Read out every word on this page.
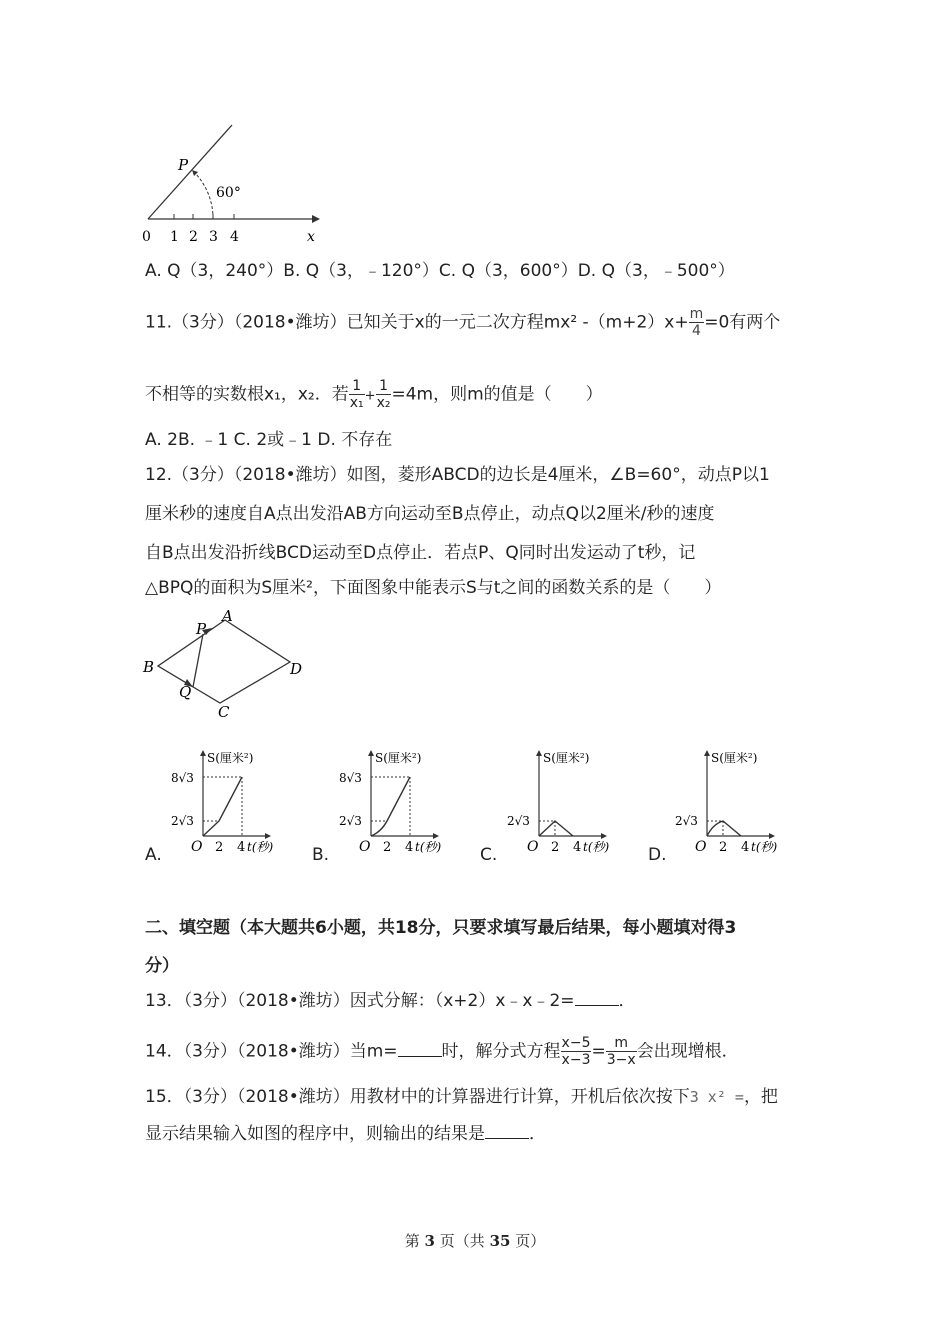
P
60°
0 1 2 3 4	x
A. Q（3，240°）B. Q（3，﹣120°）C. Q（3，600°）D. Q（3，﹣500°）
11.（3分）（2018•潍坊）已知关于x的一元二次方程mx² $-(m+2)x+ \frac{m}{4} =0$有两个
不相等的实数根x₁，x₂．若 $\frac{1}{\text{x₁}} + \frac{1}{\text{x₂}} =4m$，则m的值是（　　）
A. 2B. ﹣1 C. 2或﹣1 D. 不存在
12.（3分）（2018•潍坊）如图，菱形ABCD的边长是4厘米，∠B=60°，动点P以1
厘米秒的速度自A点出发沿AB方向运动至B点停止，动点Q以2厘米/秒的速度
自B点出发沿折线BCD运动至D点停止．若点P、Q同时出发运动了t秒，记
△BPQ的面积为S厘米²，下面图象中能表示S与t之间的函数关系的是（　　）
A
P
B	D
Q
C
A.
S(厘米²)
8√3
2√3
O 2 4 t(秒) B.
S(厘米²)
8√3
2√3
O 2 4 t(秒) C.
S(厘米²)
2√3
O 2 4 t(秒) D.
S(厘米²)
2√3
O 2 4 t(秒)
二、填空题（本大题共6小题，共18分，只要求填写最后结果，每小题填对得3
分）
13．（3分）（2018•潍坊）因式分解：（x+2）x﹣x﹣2=	．
14．（3分）（2018•潍坊）当m=	时，解分式方程 $\frac{x-5}{x-3} = \frac{m}{3-x}$ 会出现增根．
15．（3分）（2018•潍坊）用教材中的计算器进行计算，开机后依次按下3 x² =，把
显示结果输入如图的程序中，则输出的结果是	．
第 3 页（共 35 页）
